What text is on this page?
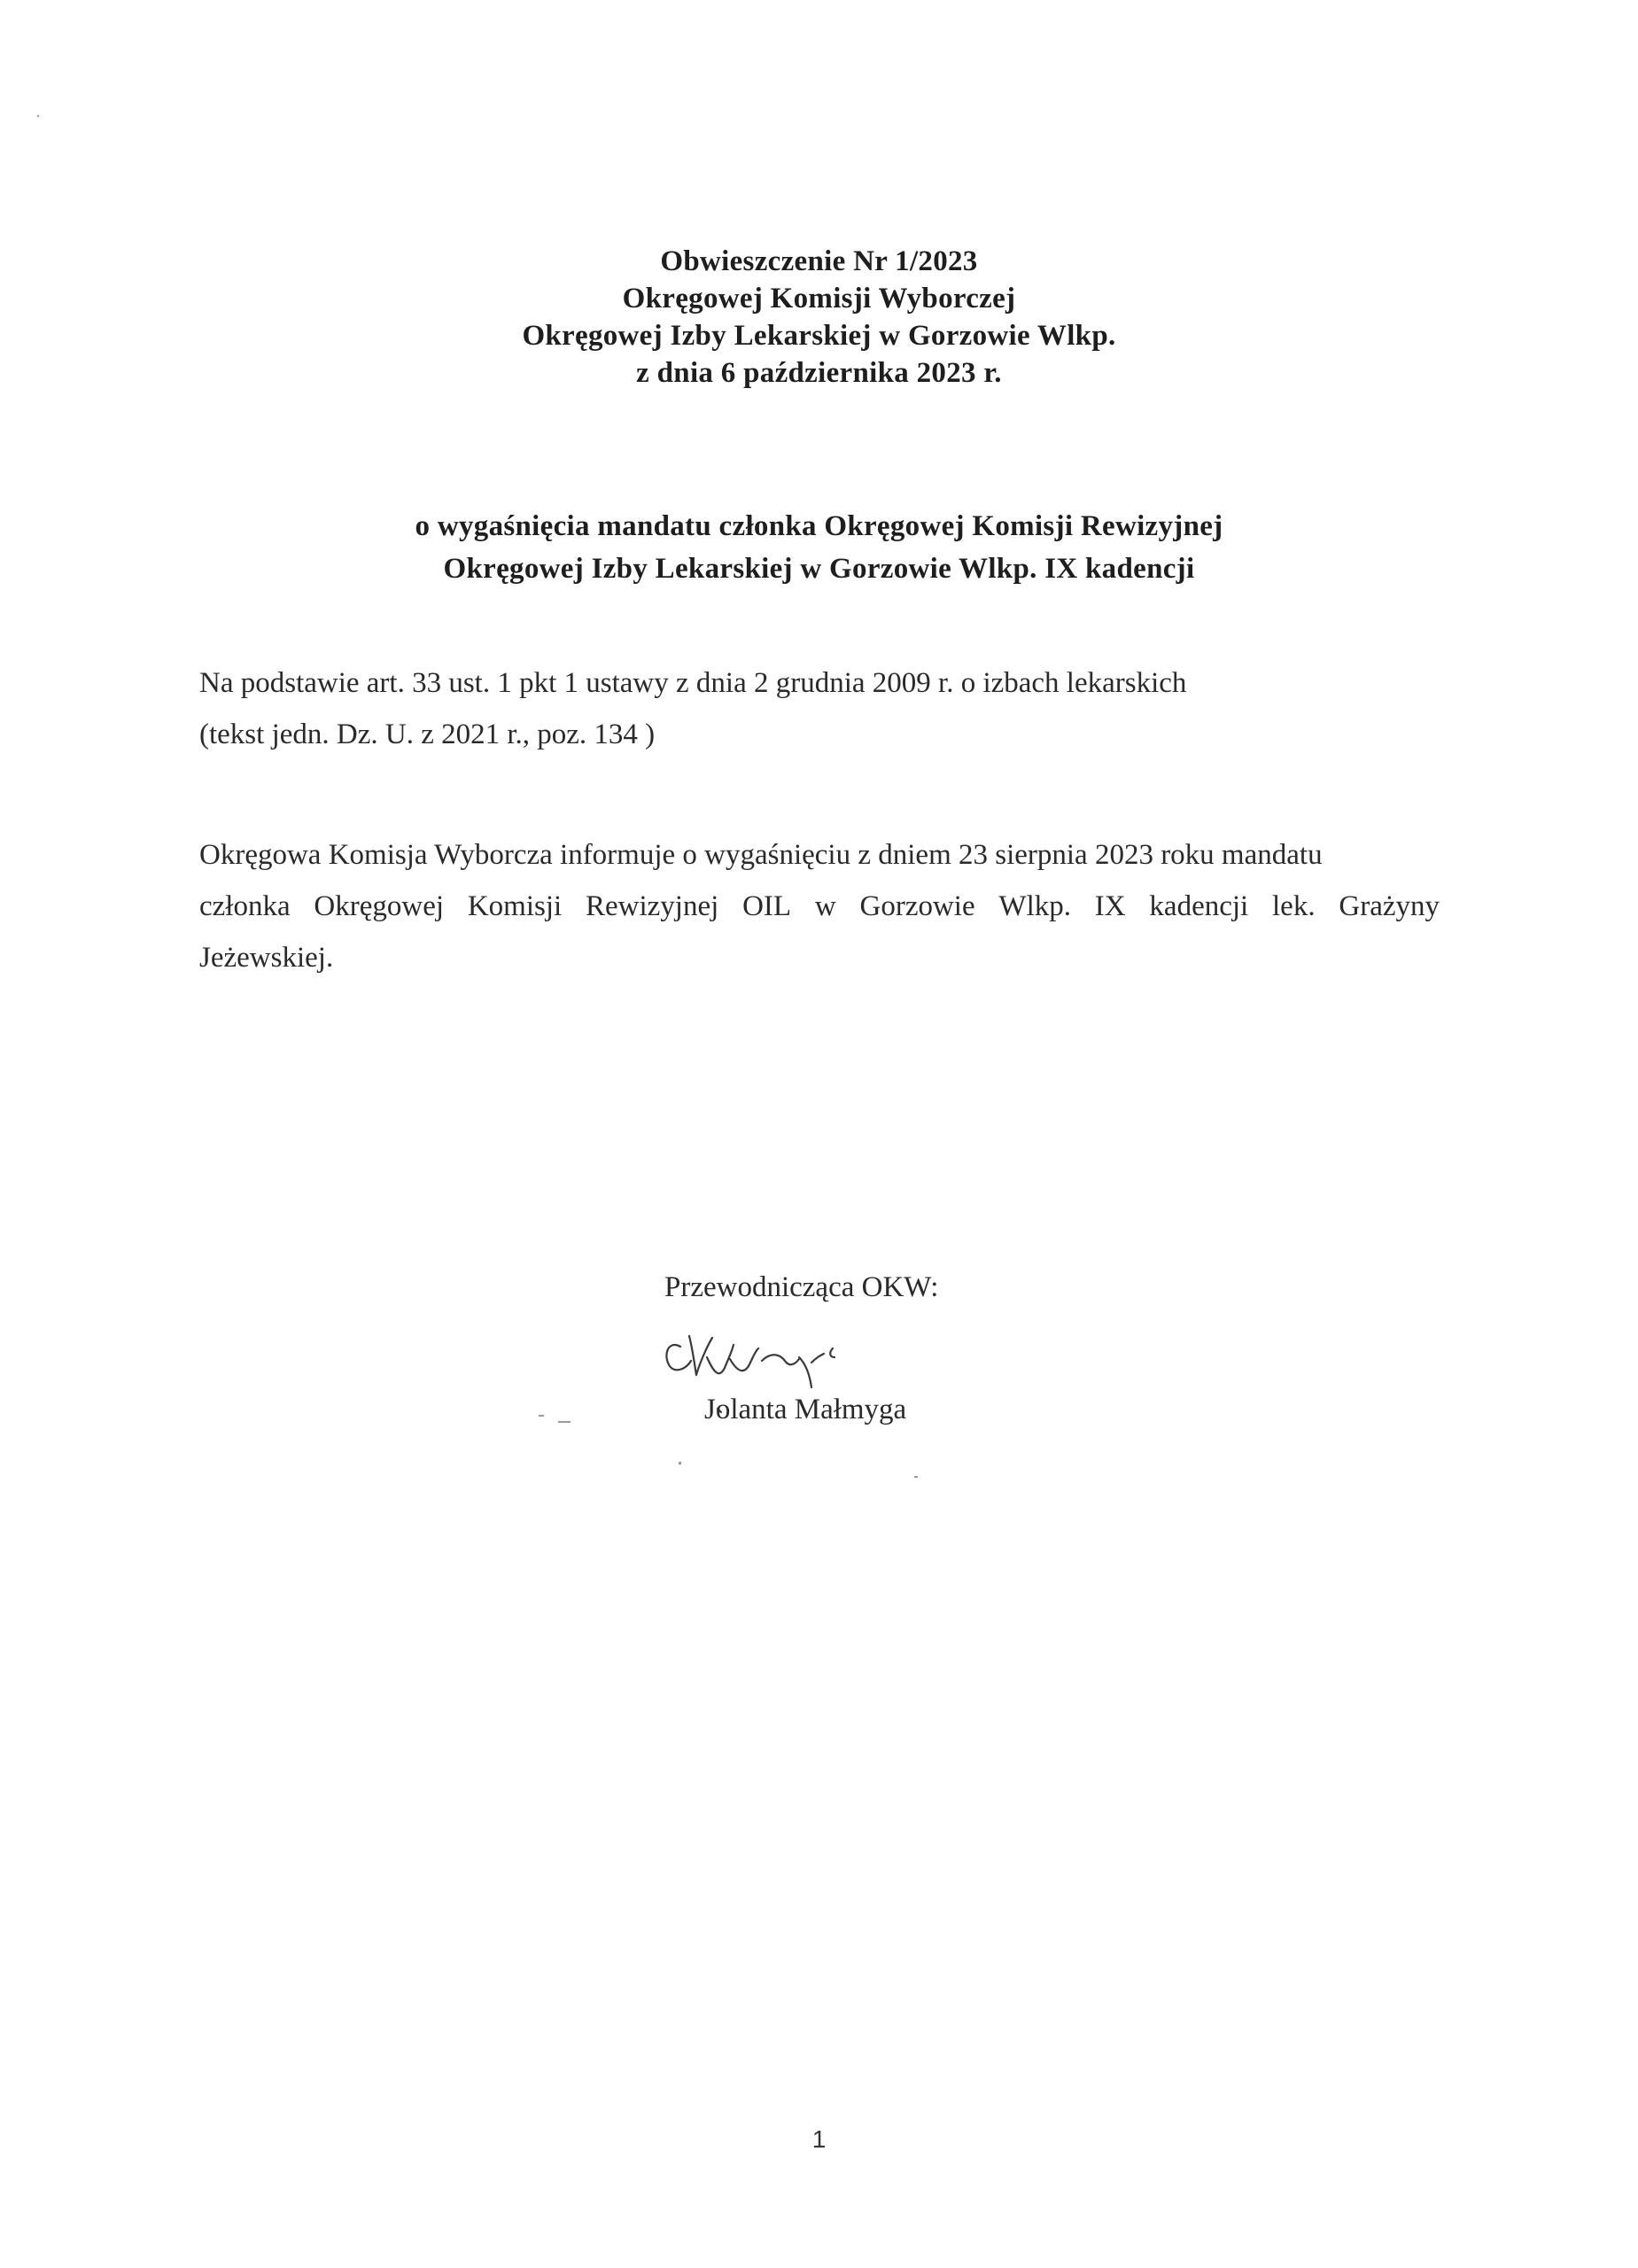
Obwieszczenie Nr 1/2023
Okręgowej Komisji Wyborczej
Okręgowej Izby Lekarskiej w Gorzowie Wlkp.
z dnia 6 października 2023 r.
o wygaśnięcia mandatu członka Okręgowej Komisji Rewizyjnej
Okręgowej Izby Lekarskiej w Gorzowie Wlkp. IX kadencji
Na podstawie art. 33 ust. 1 pkt 1 ustawy z dnia 2 grudnia 2009 r. o izbach lekarskich
(tekst jedn. Dz. U. z 2021 r., poz. 134 )
Okręgowa Komisja Wyborcza informuje o wygaśnięciu z dniem 23 sierpnia 2023 roku mandatu
członka Okręgowej Komisji Rewizyjnej OIL w Gorzowie Wlkp. IX kadencji lek. Grażyny
Jeżewskiej.
Przewodnicząca OKW:
Jolanta Małmyga
1
